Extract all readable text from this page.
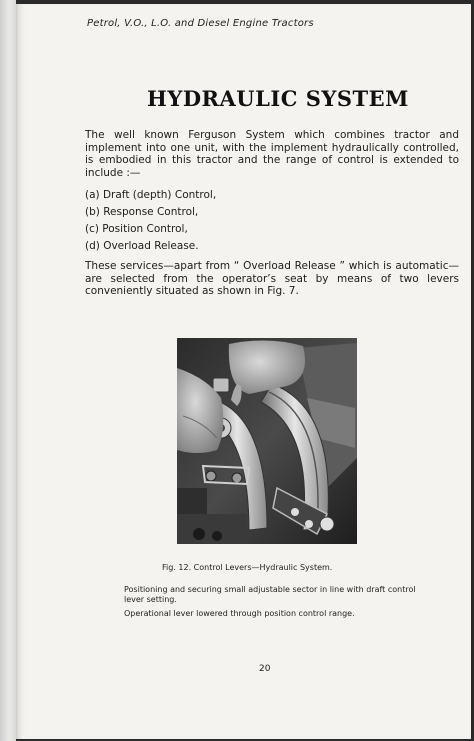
Petrol, V.O., L.O. and Diesel Engine Tractors
HYDRAULIC SYSTEM
The well known Ferguson System which combines tractor and implement into one unit, with the implement hydraulically controlled, is embodied in this tractor and the range of control is extended to include :—
(a) Draft (depth) Control,
(b) Response Control,
(c) Position Control,
(d) Overload Release.
These services—apart from “ Overload Release ” which is automatic—are selected from the operator’s seat by means of two levers conveniently situated as shown in Fig. 7.
Fig. 12. Control Levers—Hydraulic System.

Positioning and securing small adjustable sector in line with draft control lever setting.

Operational lever lowered through position control range.

20
